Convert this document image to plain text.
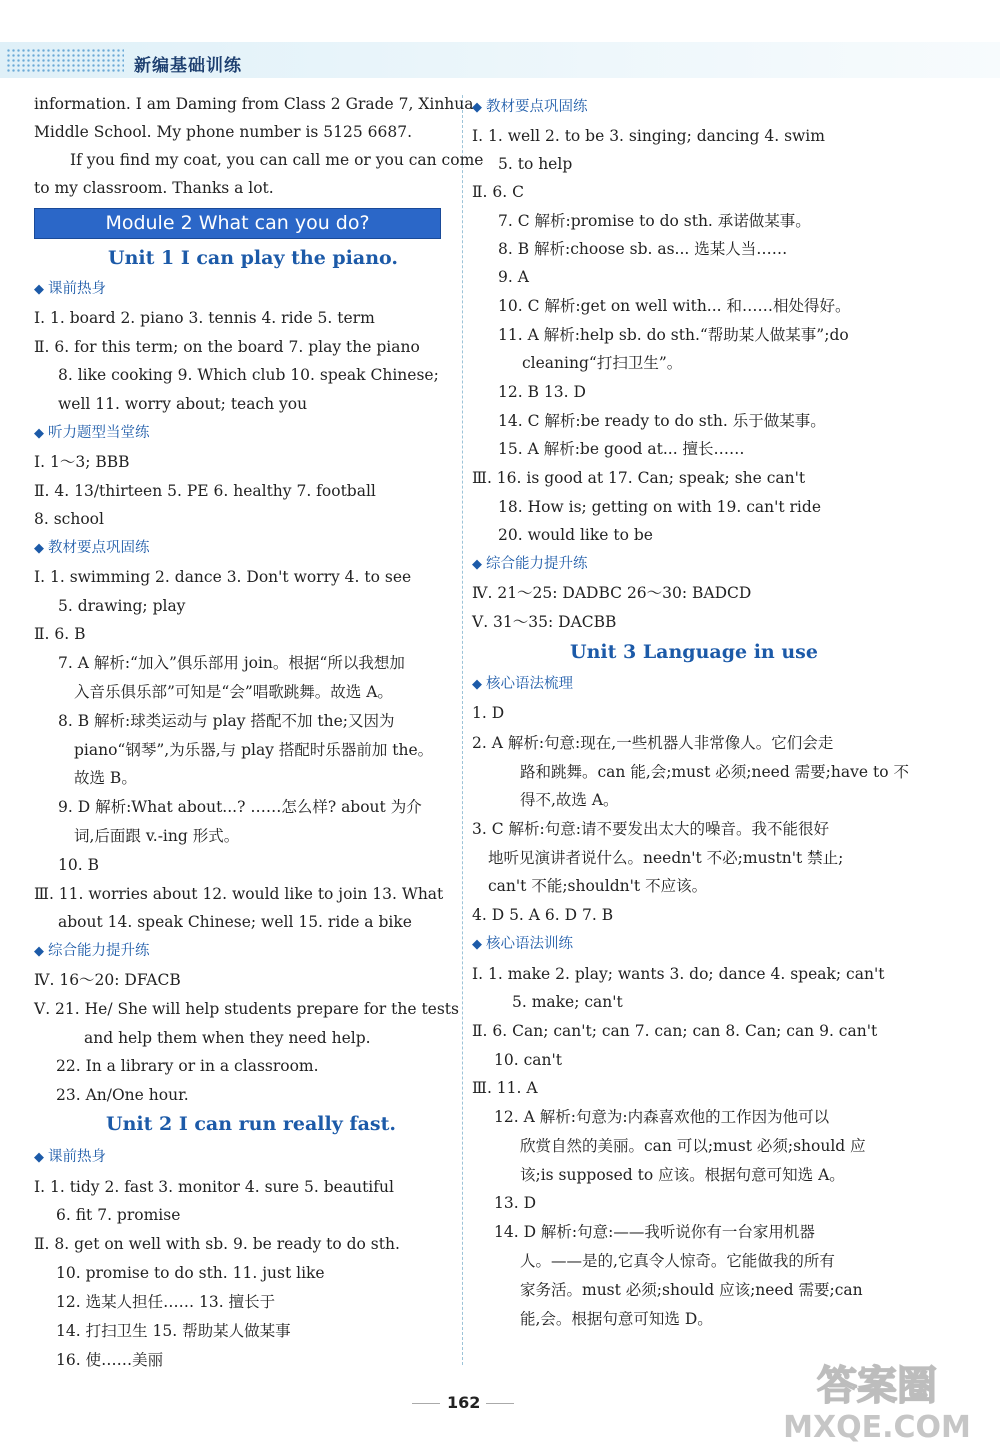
新编基础训练
Module 2 What can you do?
information. I am Daming from Class 2 Grade 7, Xinhua
Middle School. My phone number is 5125 6687.
If you find my coat, you can call me or you can come
to my classroom. Thanks a lot.
Unit 1 I can play the piano.
◆ 课前热身
Ⅰ. 1. board 2. piano 3. tennis 4. ride 5. term
Ⅱ. 6. for this term; on the board 7. play the piano
8. like cooking 9. Which club 10. speak Chinese;
well 11. worry about; teach you
◆ 听力题型当堂练
Ⅰ. 1～3; BBB
Ⅱ. 4. 13/thirteen 5. PE 6. healthy 7. football
8. school
◆ 教材要点巩固练
Ⅰ. 1. swimming 2. dance 3. Don't worry 4. to see
5. drawing; play
Ⅱ. 6. B
7. A 解析:“加入”俱乐部用 join。根据“所以我想加
入音乐俱乐部”可知是“会”唱歌跳舞。故选 A。
8. B 解析:球类运动与 play 搭配不加 the;又因为
piano“钢琴”,为乐器,与 play 搭配时乐器前加 the。
故选 B。
9. D 解析:What about...? ……怎么样? about 为介
词,后面跟 v.-ing 形式。
10. B
Ⅲ. 11. worries about 12. would like to join 13. What
about 14. speak Chinese; well 15. ride a bike
◆ 综合能力提升练
Ⅳ. 16～20: DFACB
Ⅴ. 21. He/ She will help students prepare for the tests
and help them when they need help.
22. In a library or in a classroom.
23. An/One hour.
Unit 2 I can run really fast.
◆ 课前热身
Ⅰ. 1. tidy 2. fast 3. monitor 4. sure 5. beautiful
6. fit 7. promise
Ⅱ. 8. get on well with sb. 9. be ready to do sth.
10. promise to do sth. 11. just like
12. 选某人担任…… 13. 擅长于
14. 打扫卫生 15. 帮助某人做某事
16. 使……美丽
◆ 教材要点巩固练
Ⅰ. 1. well 2. to be 3. singing; dancing 4. swim
5. to help
Ⅱ. 6. C
7. C 解析:promise to do sth. 承诺做某事。
8. B 解析:choose sb. as... 选某人当……
9. A
10. C 解析:get on well with... 和……相处得好。
11. A 解析:help sb. do sth.“帮助某人做某事”;do
cleaning“打扫卫生”。
12. B 13. D
14. C 解析:be ready to do sth. 乐于做某事。
15. A 解析:be good at... 擅长……
Ⅲ. 16. is good at 17. Can; speak; she can't
18. How is; getting on with 19. can't ride
20. would like to be
◆ 综合能力提升练
Ⅳ. 21～25: DADBC 26～30: BADCD
Ⅴ. 31～35: DACBB
Unit 3 Language in use
◆ 核心语法梳理
1. D
2. A 解析:句意:现在,一些机器人非常像人。它们会走
路和跳舞。can 能,会;must 必须;need 需要;have to 不
得不,故选 A。
3. C 解析:句意:请不要发出太大的噪音。我不能很好
地听见演讲者说什么。needn't 不必;mustn't 禁止;
can't 不能;shouldn't 不应该。
4. D 5. A 6. D 7. B
◆ 核心语法训练
Ⅰ. 1. make 2. play; wants 3. do; dance 4. speak; can't
5. make; can't
Ⅱ. 6. Can; can't; can 7. can; can 8. Can; can 9. can't
10. can't
Ⅲ. 11. A
12. A 解析:句意为:内森喜欢他的工作因为他可以
欣赏自然的美丽。can 可以;must 必须;should 应
该;is supposed to 应该。根据句意可知选 A。
13. D
14. D 解析:句意:——我听说你有一台家用机器
人。——是的,它真令人惊奇。它能做我的所有
家务活。must 必须;should 应该;need 需要;can
能,会。根据句意可知选 D。
162	答案圈
MXQE.COM
